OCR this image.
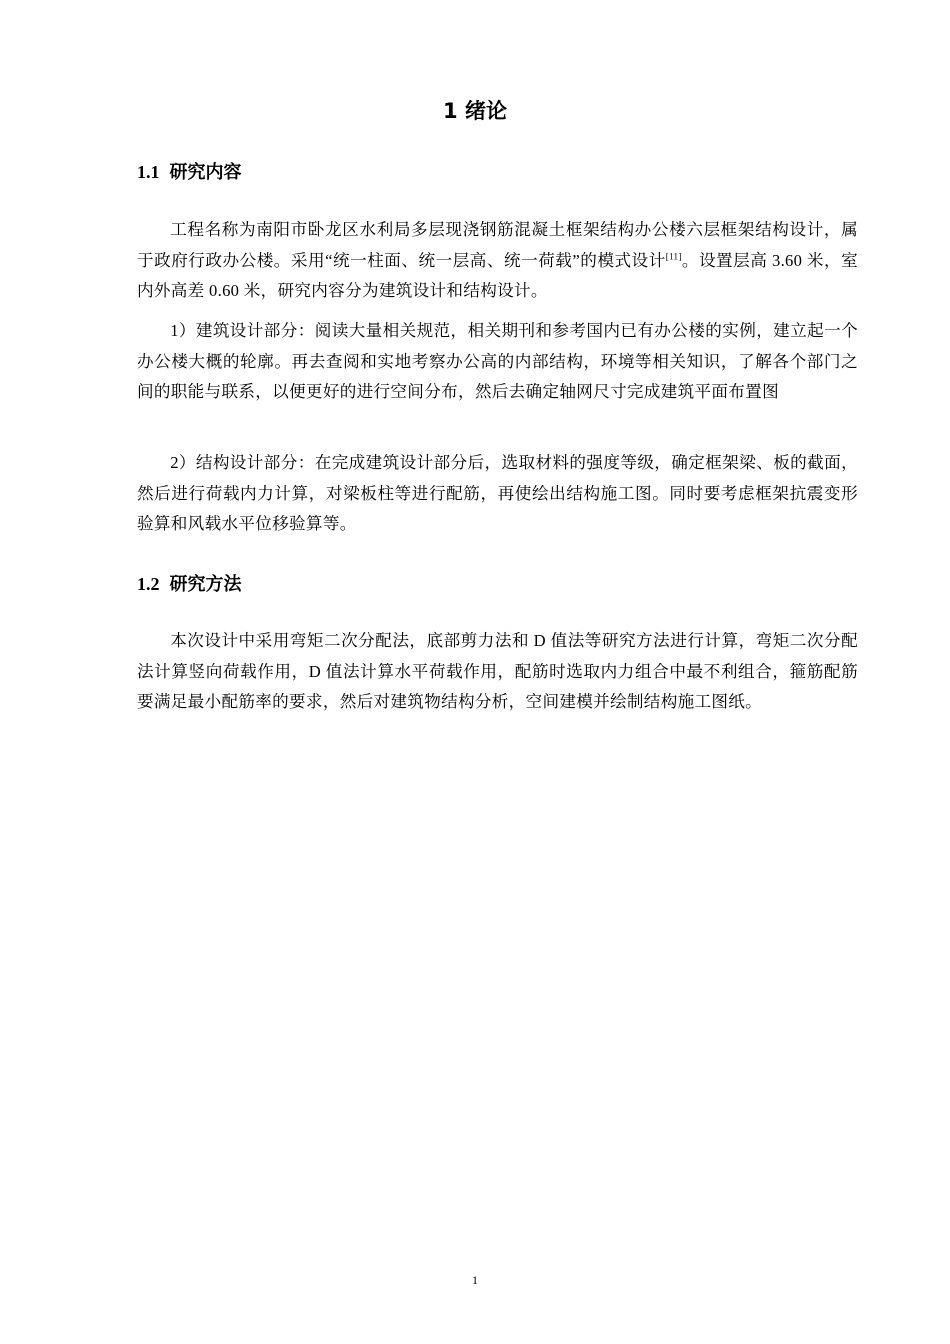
1 绪论
1.1 研究内容
工程名称为南阳市卧龙区水利局多层现浇钢筋混凝土框架结构办公楼六层框架结构设计，属于政府行政办公楼。采用“统一柱面、统一层高、统一荷载”的模式设计[11]。设置层高 3.60 米，室内外高差 0.60 米，研究内容分为建筑设计和结构设计。
1）建筑设计部分：阅读大量相关规范，相关期刊和参考国内已有办公楼的实例，建立起一个办公楼大概的轮廓。再去查阅和实地考察办公高的内部结构，环境等相关知识，了解各个部门之间的职能与联系，以便更好的进行空间分布，然后去确定轴网尺寸完成建筑平面布置图
2）结构设计部分：在完成建筑设计部分后，选取材料的强度等级，确定框架梁、板的截面，然后进行荷载内力计算，对梁板柱等进行配筋，再使绘出结构施工图。同时要考虑框架抗震变形验算和风载水平位移验算等。
1.2 研究方法
本次设计中采用弯矩二次分配法，底部剪力法和 D 值法等研究方法进行计算，弯矩二次分配法计算竖向荷载作用，D 值法计算水平荷载作用，配筋时选取内力组合中最不利组合，箍筋配筋要满足最小配筋率的要求，然后对建筑物结构分析，空间建模并绘制结构施工图纸。
1
